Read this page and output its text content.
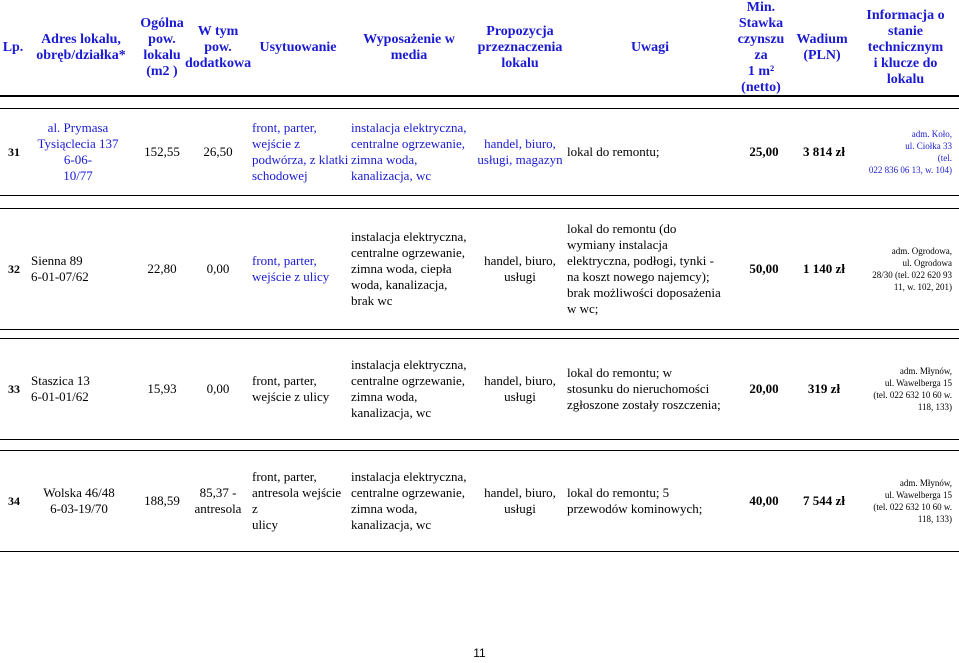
Lp.
Adres lokalu,
obręb/działka*
Ogólna
pow.
lokalu
(m2 )
W tym
pow.
dodatkowa
Usytuowanie
Wyposażenie w
media
Propozycja
przeznaczenia
lokalu
Uwagi
Min.
Stawka
czynszu za
1 m²
(netto)
Wadium
(PLN)
Informacja o
stanie
technicznym
i klucze do
lokalu
31
al. Prymasa
Tysiąclecia 137
6-06-
10/77
152,55 26,50
front, parter,
wejście z
podwórza, z klatki
schodowej
instalacja elektryczna,
centralne ogrzewanie,
zimna woda,
kanalizacja, wc
handel, biuro,
usługi, magazyn
lokal do remontu;	25,00 3 814 zł
adm. Koło,
ul. Ciołka 33
(tel.
022 836 06 13, w. 104)
32
Sienna 89
6-01-07/62
22,80 0,00
front, parter,
wejście z ulicy
instalacja elektryczna,
centralne ogrzewanie,
zimna woda, ciepła
woda, kanalizacja,
brak wc
handel, biuro,
usługi
lokal do remontu (do
wymiany instalacja
elektryczna, podłogi, tynki -
na koszt nowego najemcy);
brak możliwości doposażenia
w wc;
50,00 1 140 zł
adm. Ogrodowa,
ul. Ogrodowa
28/30 (tel. 022 620 93
11, w. 102, 201)
33
Staszica 13
6-01-01/62
15,93 0,00
front, parter,
wejście z ulicy
instalacja elektryczna,
centralne ogrzewanie,
zimna woda,
kanalizacja, wc
handel, biuro,
usługi
lokal do remontu; w
stosunku do nieruchomości
zgłoszone zostały roszczenia;
20,00 319 zł
adm. Młynów,
ul. Wawelberga 15
(tel. 022 632 10 60 w.
118, 133)
34
Wolska 46/48
6-03-19/70
188,59
85,37 -
antresola
front, parter,
antresola wejście z
ulicy
instalacja elektryczna,
centralne ogrzewanie,
zimna woda,
kanalizacja, wc
handel, biuro,
usługi
lokal do remontu; 5
przewodów kominowych;
40,00 7 544 zł
adm. Młynów,
ul. Wawelberga 15
(tel. 022 632 10 60 w.
118, 133)
11
